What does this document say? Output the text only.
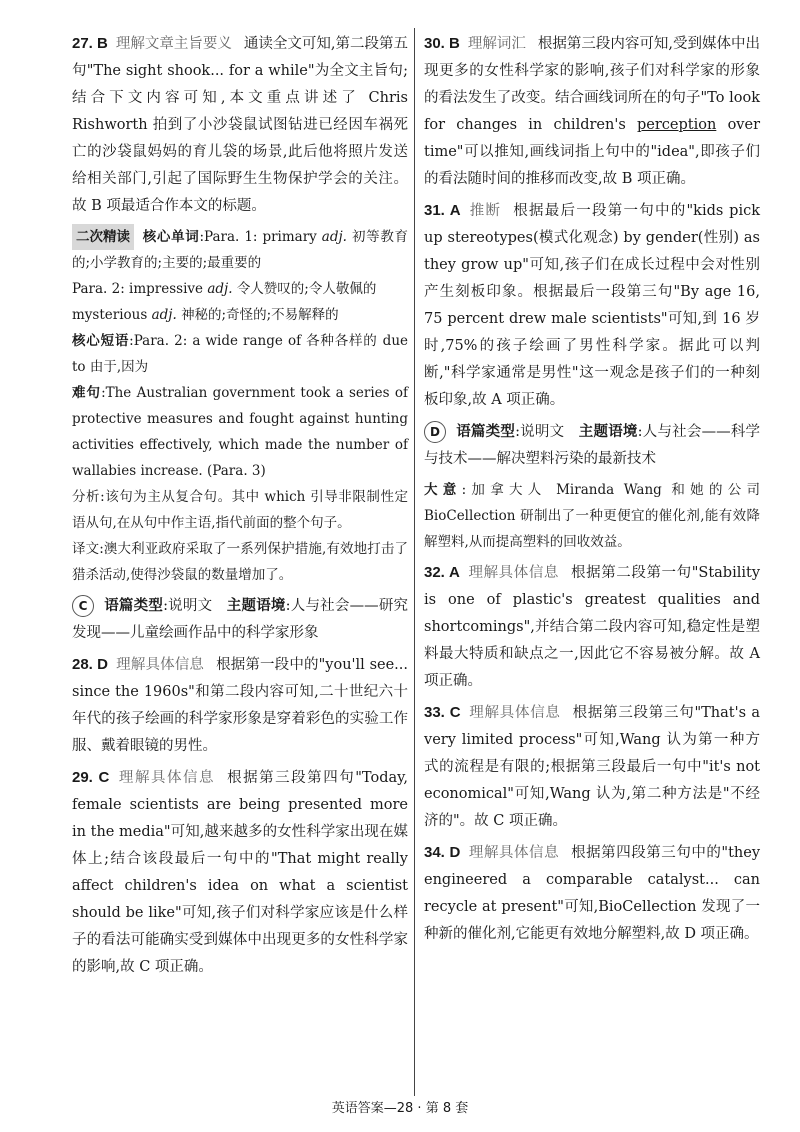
27. B 理解文章主旨要义 通读全文可知,第二段第五句"The sight shook... for a while"为全文主旨句;结合下文内容可知,本文重点讲述了 Chris Rishworth 拍到了小沙袋鼠试图钻进已经因车祸死亡的沙袋鼠妈妈的育儿袋的场景,此后他将照片发送给相关部门,引起了国际野生生物保护学会的关注。故 B 项最适合作本文的标题。

二次精读 核心单词:Para. 1: primary adj. 初等教育的;小学教育的;主要的;最重要的

Para. 2: impressive adj. 令人赞叹的;令人敬佩的

mysterious adj. 神秘的;奇怪的;不易解释的

核心短语:Para. 2: a wide range of 各种各样的 due to 由于,因为

难句:The Australian government took a series of protective measures and fought against hunting activities effectively, which made the number of wallabies increase. (Para. 3)

分析:该句为主从复合句。其中 which 引导非限制性定语从句,在从句中作主语,指代前面的整个句子。

译文:澳大利亚政府采取了一系列保护措施,有效地打击了猎杀活动,使得沙袋鼠的数量增加了。

C 语篇类型:说明文 主题语境:人与社会——研究发现——儿童绘画作品中的科学家形象

28. D 理解具体信息 根据第一段中的"you'll see... since the 1960s"和第二段内容可知,二十世纪六十年代的孩子绘画的科学家形象是穿着彩色的实验工作服、戴着眼镜的男性。

29. C 理解具体信息 根据第三段第四句"Today, female scientists are being presented more in the media"可知,越来越多的女性科学家出现在媒体上;结合该段最后一句中的"That might really affect children's idea on what a scientist should be like"可知,孩子们对科学家应该是什么样子的看法可能确实受到媒体中出现更多的女性科学家的影响,故 C 项正确。

30. B 理解词汇 根据第三段内容可知,受到媒体中出现更多的女性科学家的影响,孩子们对科学家的形象的看法发生了改变。结合画线词所在的句子"To look for changes in children's perception over time"可以推知,画线词指上句中的"idea",即孩子们的看法随时间的推移而改变,故 B 项正确。

31. A 推断 根据最后一段第一句中的"kids pick up stereotypes(模式化观念) by gender(性别) as they grow up"可知,孩子们在成长过程中会对性别产生刻板印象。根据最后一段第三句"By age 16, 75 percent drew male scientists"可知,到 16 岁时,75%的孩子绘画了男性科学家。据此可以判断,"科学家通常是男性"这一观念是孩子们的一种刻板印象,故 A 项正确。

D 语篇类型:说明文 主题语境:人与社会——科学与技术——解决塑料污染的最新技术

大意:加拿大人 Miranda Wang 和她的公司 BioCellection 研制出了一种更便宜的催化剂,能有效降解塑料,从而提高塑料的回收效益。

32. A 理解具体信息 根据第二段第一句"Stability is one of plastic's greatest qualities and shortcomings",并结合第二段内容可知,稳定性是塑料最大特质和缺点之一,因此它不容易被分解。故 A 项正确。

33. C 理解具体信息 根据第三段第三句"That's a very limited process"可知,Wang 认为第一种方式的流程是有限的;根据第三段最后一句中"it's not economical"可知,Wang 认为,第二种方法是"不经济的"。故 C 项正确。

34. D 理解具体信息 根据第四段第三句中的"they engineered a comparable catalyst... can recycle at present"可知,BioCellection 发现了一种新的催化剂,它能更有效地分解塑料,故 D 项正确。

英语答案—28 · 第 8 套
